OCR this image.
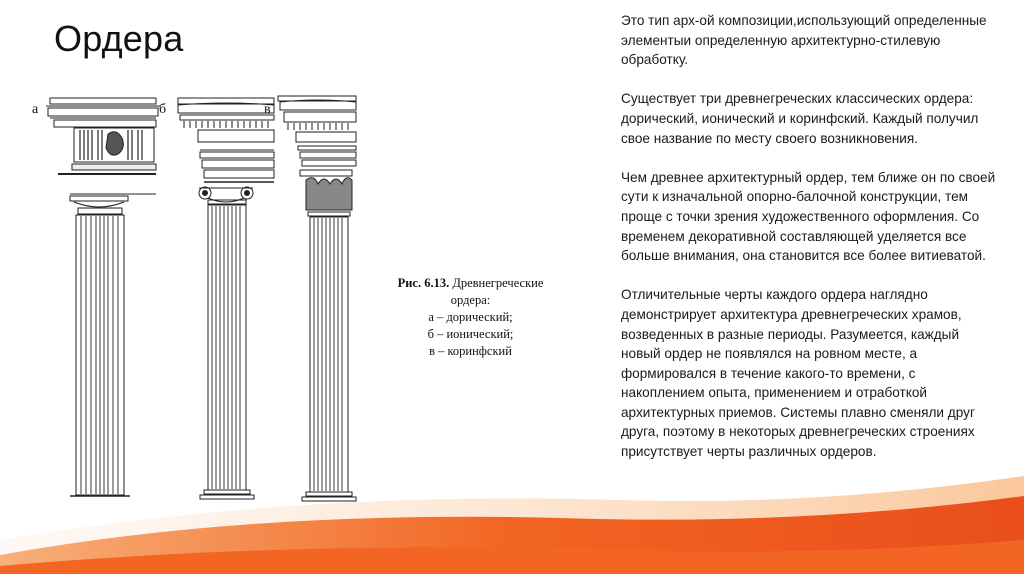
Ордера
а	б	в
Рис. 6.13. Древнегреческие ордера:
а – дорический;
б – ионический;
в – коринфский

Это тип арх-ой композиции,использующий определенные элементыи определенную архитектурно-стилевую обработку.

Существует три древнегреческих классических ордера: дорический, ионический и коринфский. Каждый получил свое название по месту своего возникновения.

Чем древнее архитектурный ордер, тем ближе он по своей сути к изначальной опорно-балочной конструкции, тем проще с точки зрения художественного оформления. Со временем декоративной составляющей уделяется все больше внимания, она становится все более витиеватой.

Отличительные черты каждого ордера наглядно демонстрирует архитектура древнегреческих храмов, возведенных в разные периоды. Разумеется, каждый новый ордер не появлялся на ровном месте, а формировался в течение какого-то времени, с накоплением опыта, применением и отработкой архитектурных приемов. Системы плавно сменяли друг друга, поэтому в некоторых древнегреческих строениях присутствует черты различных ордеров.
